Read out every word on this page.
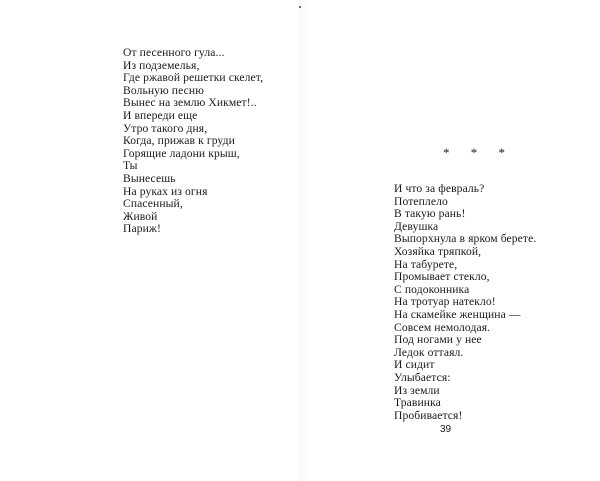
От песенного гула...
Из подземелья,
Где ржавой решетки скелет,
Вольную песню
Вынес на землю Хикмет!..
И впереди еще
Утро такого дня,
Когда, прижав к груди
Горящие ладони крыш,
Ты
Вынесешь
На руках из огня
Спасенный,
Живой
Париж!
* * *
И что за февраль?
Потеплело
В такую рань!
Девушка
Выпорхнула в ярком берете.
Хозяйка тряпкой,
На табурете,
Промывает стекло,
С подоконника
На тротуар натекло!
На скамейке женщина —
Совсем немолодая.
Под ногами у нее
Ледок оттаял.
И сидит
Улыбается:
Из земли
Травинка
Пробивается!
39
